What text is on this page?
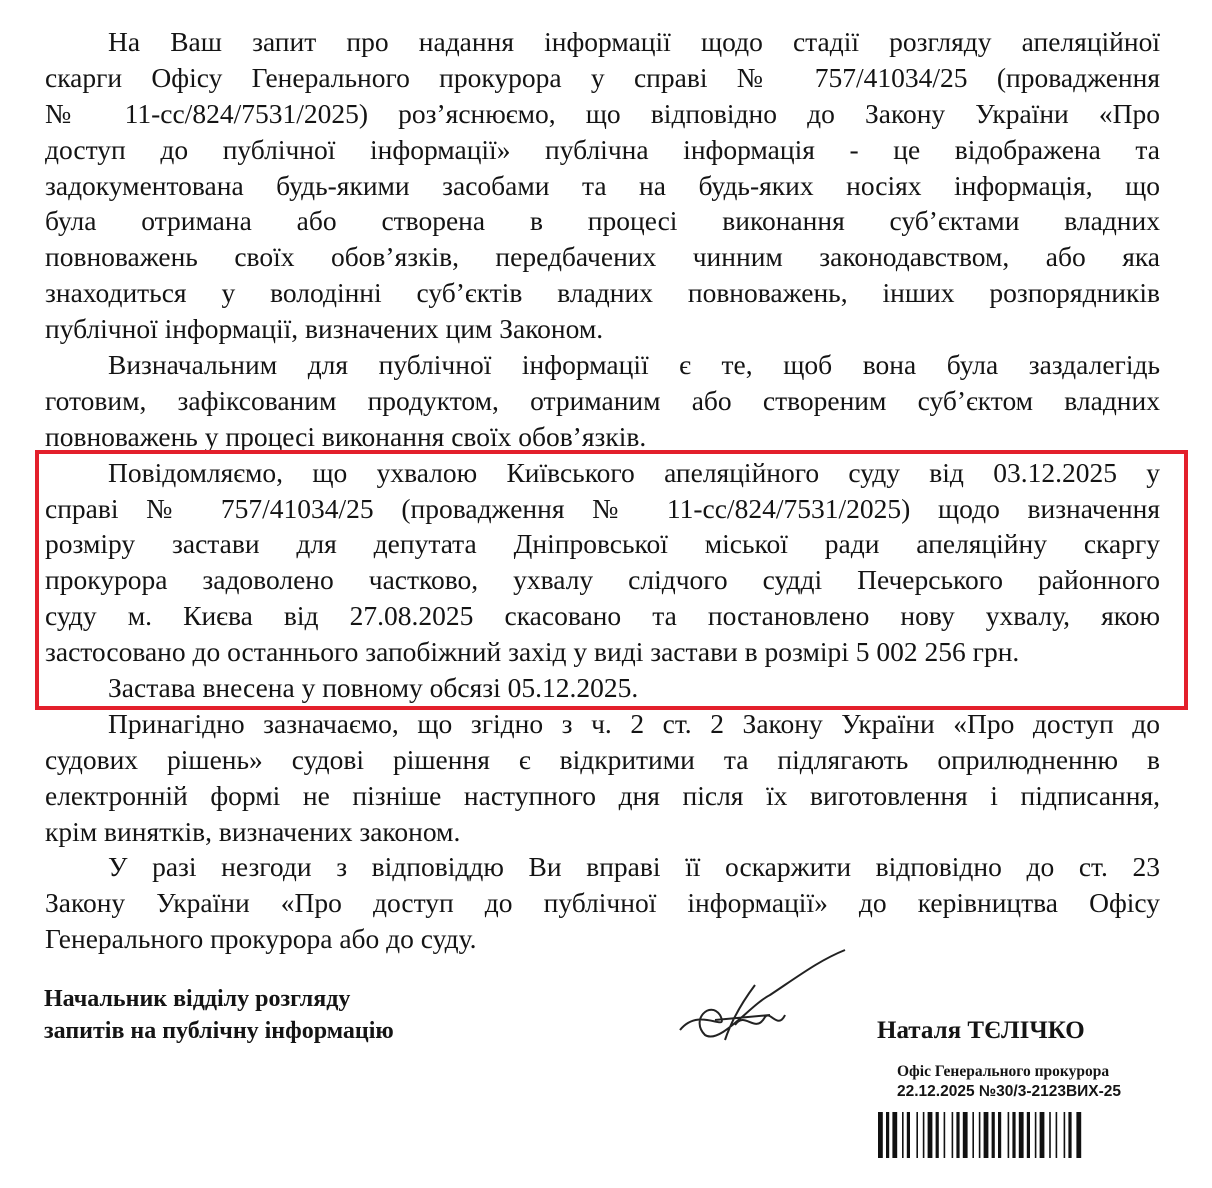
На Ваш запит про надання інформації щодо стадії розгляду апеляційної
скарги Офісу Генерального прокурора у справі № 757/41034/25 (провадження
№ 11-сс/824/7531/2025) роз’яснюємо, що відповідно до Закону України «Про
доступ до публічної інформації» публічна інформація - це відображена та
задокументована будь-якими засобами та на будь-яких носіях інформація, що
була отримана або створена в процесі виконання суб’єктами владних
повноважень своїх обов’язків, передбачених чинним законодавством, або яка
знаходиться у володінні суб’єктів владних повноважень, інших розпорядників
публічної інформації, визначених цим Законом.
Визначальним для публічної інформації є те, щоб вона була заздалегідь
готовим, зафіксованим продуктом, отриманим або створеним суб’єктом владних
повноважень у процесі виконання своїх обов’язків.
Повідомляємо, що ухвалою Київського апеляційного суду від 03.12.2025 у
справі № 757/41034/25 (провадження № 11-сс/824/7531/2025) щодо визначення
розміру застави для депутата Дніпровської міської ради апеляційну скаргу
прокурора задоволено частково, ухвалу слідчого судді Печерського районного
суду м. Києва від 27.08.2025 скасовано та постановлено нову ухвалу, якою
застосовано до останнього запобіжний захід у виді застави в розмірі 5 002 256 грн.
Застава внесена у повному обсязі 05.12.2025.
Принагідно зазначаємо, що згідно з ч. 2 ст. 2 Закону України «Про доступ до
судових рішень» судові рішення є відкритими та підлягають оприлюдненню в
електронній формі не пізніше наступного дня після їх виготовлення і підписання,
крім винятків, визначених законом.
У разі незгоди з відповіддю Ви вправі її оскаржити відповідно до ст. 23
Закону України «Про доступ до публічної інформації» до керівництва Офісу
Генерального прокурора або до суду.
Начальник відділу розгляду
запитів на публічну інформацію	Наталя ТЄЛІЧКО
Офіс Генерального прокурора
22.12.2025 №30/3-2123ВИХ-25
